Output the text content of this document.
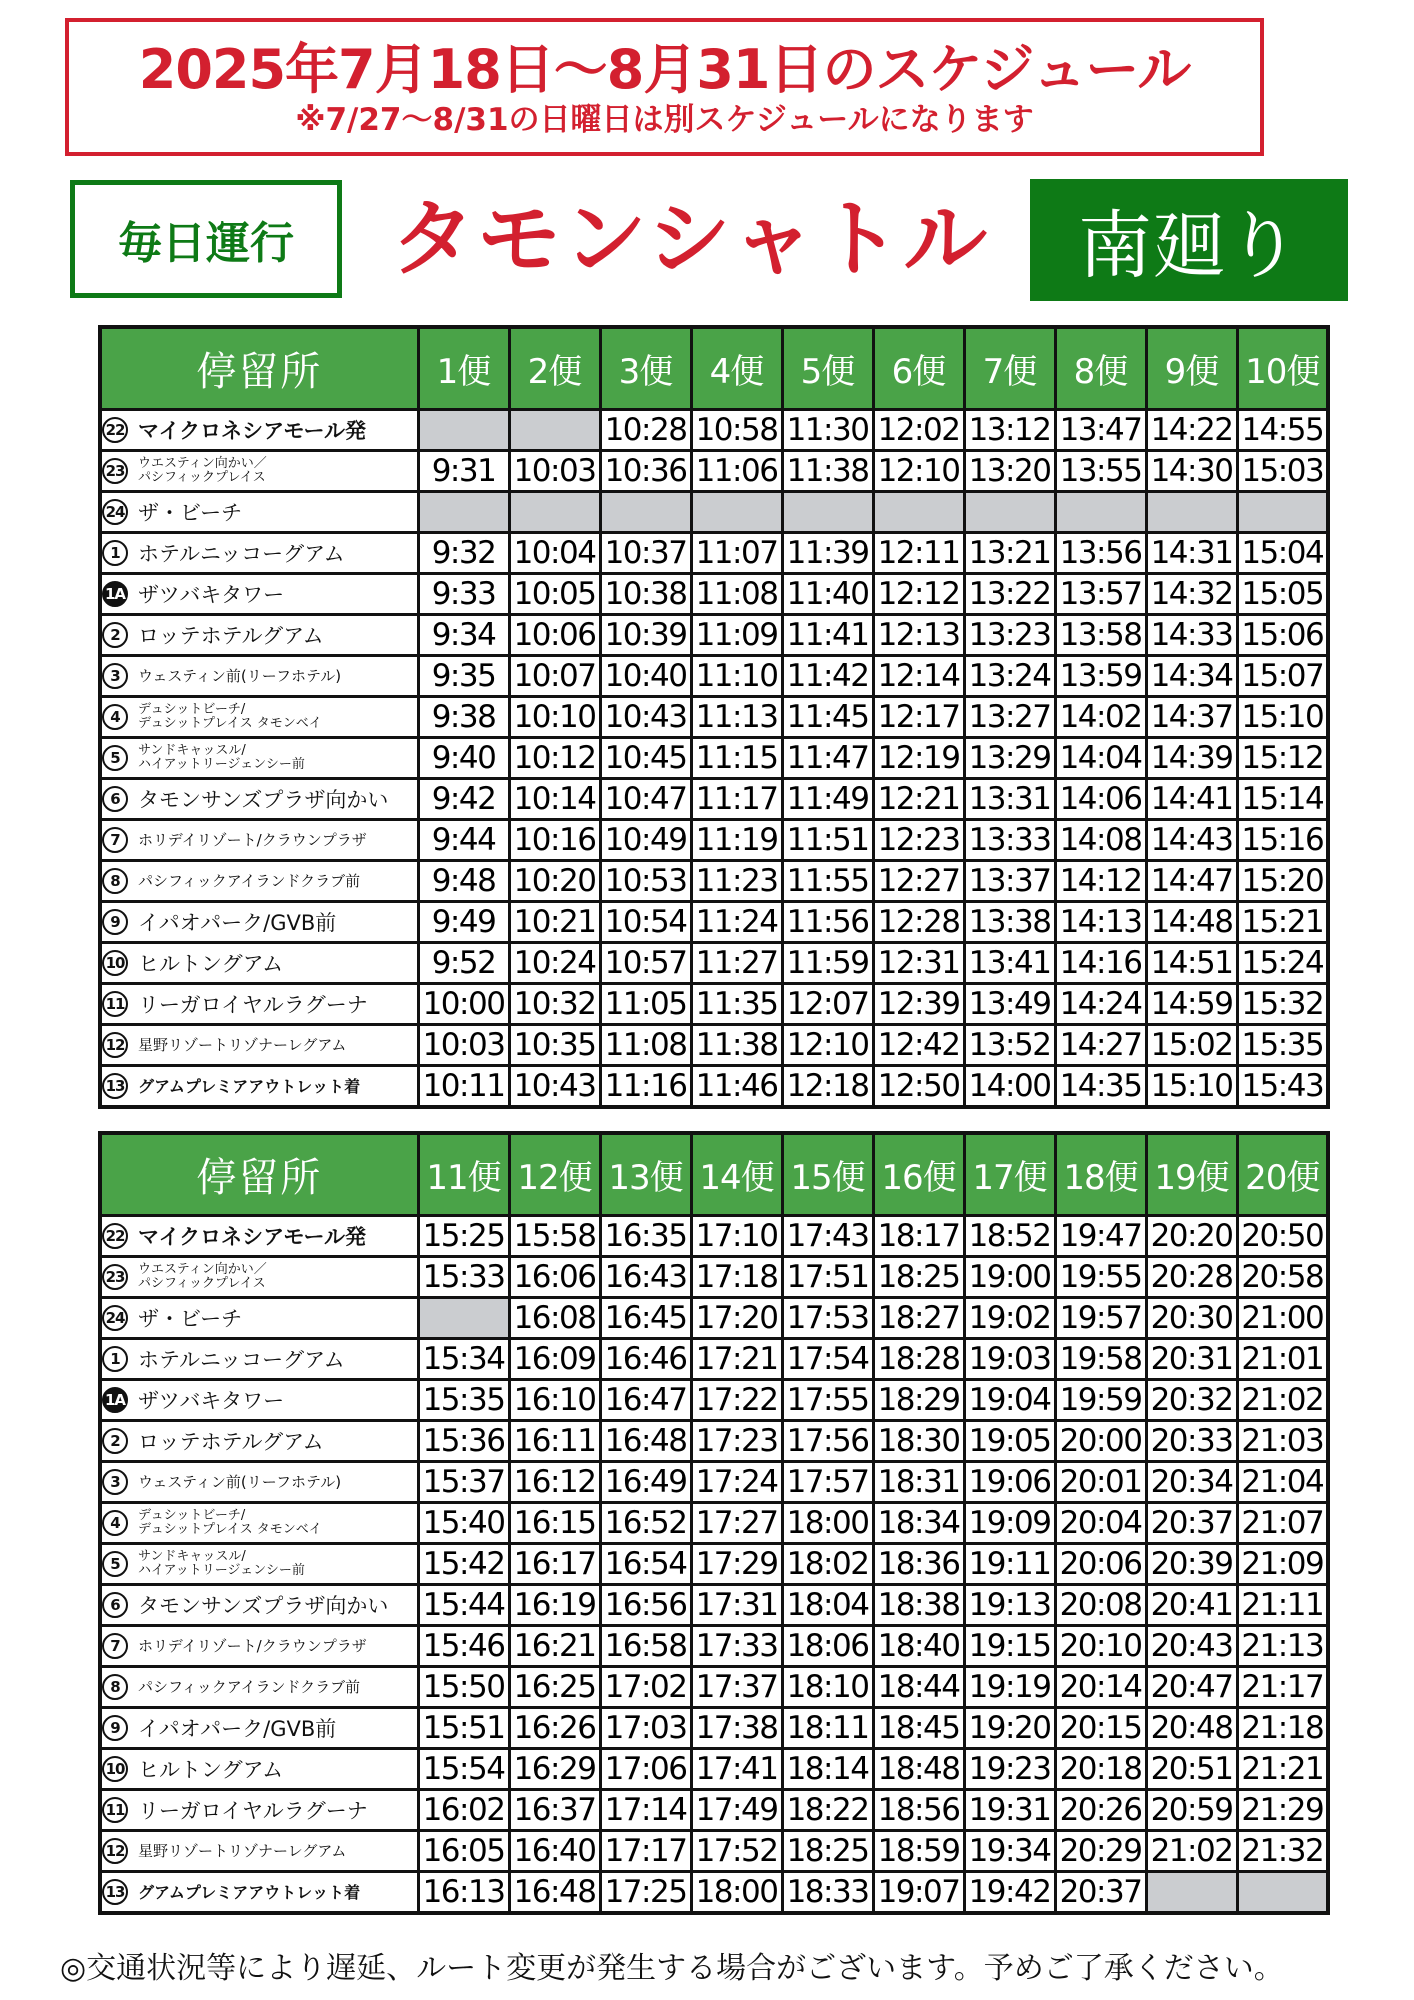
2025年7月18日〜8月31日のスケジュール
※7/27〜8/31の日曜日は別スケジュールになります
毎日運行	タモンシャトル	南廻り
停留所	1便	2便	3便	4便	5便	6便	7便	8便	9便	10便

22 マイクロネシアモール発			10:28	10:58	11:30	12:02	13:12	13:47	14:22	14:55

23 ウエスティン向かい／
パシフィックプレイス	9:31	10:03	10:36	11:06	11:38	12:10	13:20	13:55	14:30	15:03

24 ザ・ビーチ										

1 ホテルニッコーグアム	9:32	10:04	10:37	11:07	11:39	12:11	13:21	13:56	14:31	15:04

1A ザツバキタワー	9:33	10:05	10:38	11:08	11:40	12:12	13:22	13:57	14:32	15:05

2 ロッテホテルグアム	9:34	10:06	10:39	11:09	11:41	12:13	13:23	13:58	14:33	15:06

3 ウェスティン前(リーフホテル)	9:35	10:07	10:40	11:10	11:42	12:14	13:24	13:59	14:34	15:07

4 デュシットビーチ/
デュシットプレイス タモンベイ	9:38	10:10	10:43	11:13	11:45	12:17	13:27	14:02	14:37	15:10

5 サンドキャッスル/
ハイアットリージェンシー前	9:40	10:12	10:45	11:15	11:47	12:19	13:29	14:04	14:39	15:12

6 タモンサンズプラザ向かい	9:42	10:14	10:47	11:17	11:49	12:21	13:31	14:06	14:41	15:14

7 ホリデイリゾート/クラウンプラザ	9:44	10:16	10:49	11:19	11:51	12:23	13:33	14:08	14:43	15:16

8 パシフィックアイランドクラブ前	9:48	10:20	10:53	11:23	11:55	12:27	13:37	14:12	14:47	15:20

9 イパオパーク/GVB前	9:49	10:21	10:54	11:24	11:56	12:28	13:38	14:13	14:48	15:21

10 ヒルトングアム	9:52	10:24	10:57	11:27	11:59	12:31	13:41	14:16	14:51	15:24

11 リーガロイヤルラグーナ	10:00	10:32	11:05	11:35	12:07	12:39	13:49	14:24	14:59	15:32

12 星野リゾートリゾナーレグアム	10:03	10:35	11:08	11:38	12:10	12:42	13:52	14:27	15:02	15:35

13 グアムプレミアアウトレット着	10:11	10:43	11:16	11:46	12:18	12:50	14:00	14:35	15:10	15:43
停留所	11便	12便	13便	14便	15便	16便	17便	18便	19便	20便

22 マイクロネシアモール発	15:25	15:58	16:35	17:10	17:43	18:17	18:52	19:47	20:20	20:50

23 ウエスティン向かい／
パシフィックプレイス	15:33	16:06	16:43	17:18	17:51	18:25	19:00	19:55	20:28	20:58

24 ザ・ビーチ		16:08	16:45	17:20	17:53	18:27	19:02	19:57	20:30	21:00

1 ホテルニッコーグアム	15:34	16:09	16:46	17:21	17:54	18:28	19:03	19:58	20:31	21:01

1A ザツバキタワー	15:35	16:10	16:47	17:22	17:55	18:29	19:04	19:59	20:32	21:02

2 ロッテホテルグアム	15:36	16:11	16:48	17:23	17:56	18:30	19:05	20:00	20:33	21:03

3 ウェスティン前(リーフホテル)	15:37	16:12	16:49	17:24	17:57	18:31	19:06	20:01	20:34	21:04

4 デュシットビーチ/
デュシットプレイス タモンベイ	15:40	16:15	16:52	17:27	18:00	18:34	19:09	20:04	20:37	21:07

5 サンドキャッスル/
ハイアットリージェンシー前	15:42	16:17	16:54	17:29	18:02	18:36	19:11	20:06	20:39	21:09

6 タモンサンズプラザ向かい	15:44	16:19	16:56	17:31	18:04	18:38	19:13	20:08	20:41	21:11

7 ホリデイリゾート/クラウンプラザ	15:46	16:21	16:58	17:33	18:06	18:40	19:15	20:10	20:43	21:13

8 パシフィックアイランドクラブ前	15:50	16:25	17:02	17:37	18:10	18:44	19:19	20:14	20:47	21:17

9 イパオパーク/GVB前	15:51	16:26	17:03	17:38	18:11	18:45	19:20	20:15	20:48	21:18

10 ヒルトングアム	15:54	16:29	17:06	17:41	18:14	18:48	19:23	20:18	20:51	21:21

11 リーガロイヤルラグーナ	16:02	16:37	17:14	17:49	18:22	18:56	19:31	20:26	20:59	21:29

12 星野リゾートリゾナーレグアム	16:05	16:40	17:17	17:52	18:25	18:59	19:34	20:29	21:02	21:32

13 グアムプレミアアウトレット着	16:13	16:48	17:25	18:00	18:33	19:07	19:42	20:37		
◎交通状況等により遅延、ルート変更が発生する場合がございます。予めご了承ください。
